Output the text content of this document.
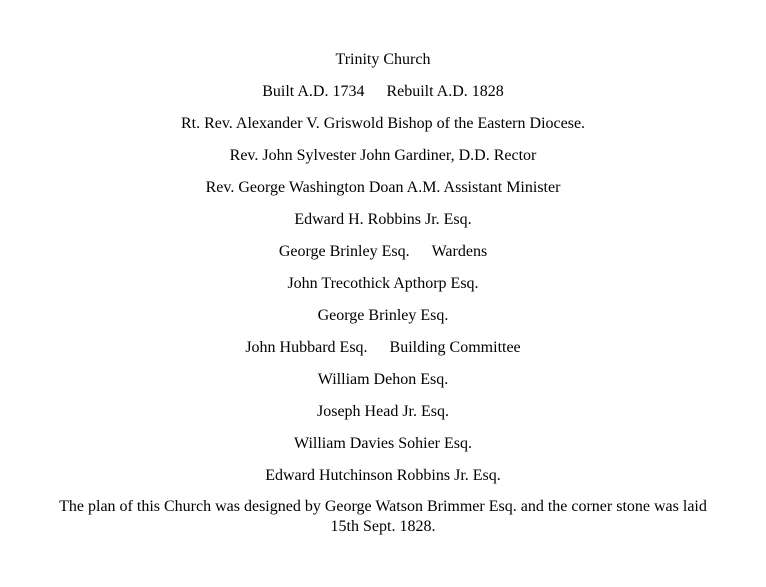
Trinity Church
Built A.D. 1734 Rebuilt A.D. 1828
Rt. Rev. Alexander V. Griswold Bishop of the Eastern Diocese.
Rev. John Sylvester John Gardiner, D.D. Rector
Rev. George Washington Doan A.M. Assistant Minister
Edward H. Robbins Jr. Esq.
George Brinley Esq. Wardens
John Trecothick Apthorp Esq.
George Brinley Esq.
John Hubbard Esq. Building Committee
William Dehon Esq.
Joseph Head Jr. Esq.
William Davies Sohier Esq.
Edward Hutchinson Robbins Jr. Esq.
The plan of this Church was designed by George Watson Brimmer Esq. and the corner stone was laid 15th Sept. 1828.
